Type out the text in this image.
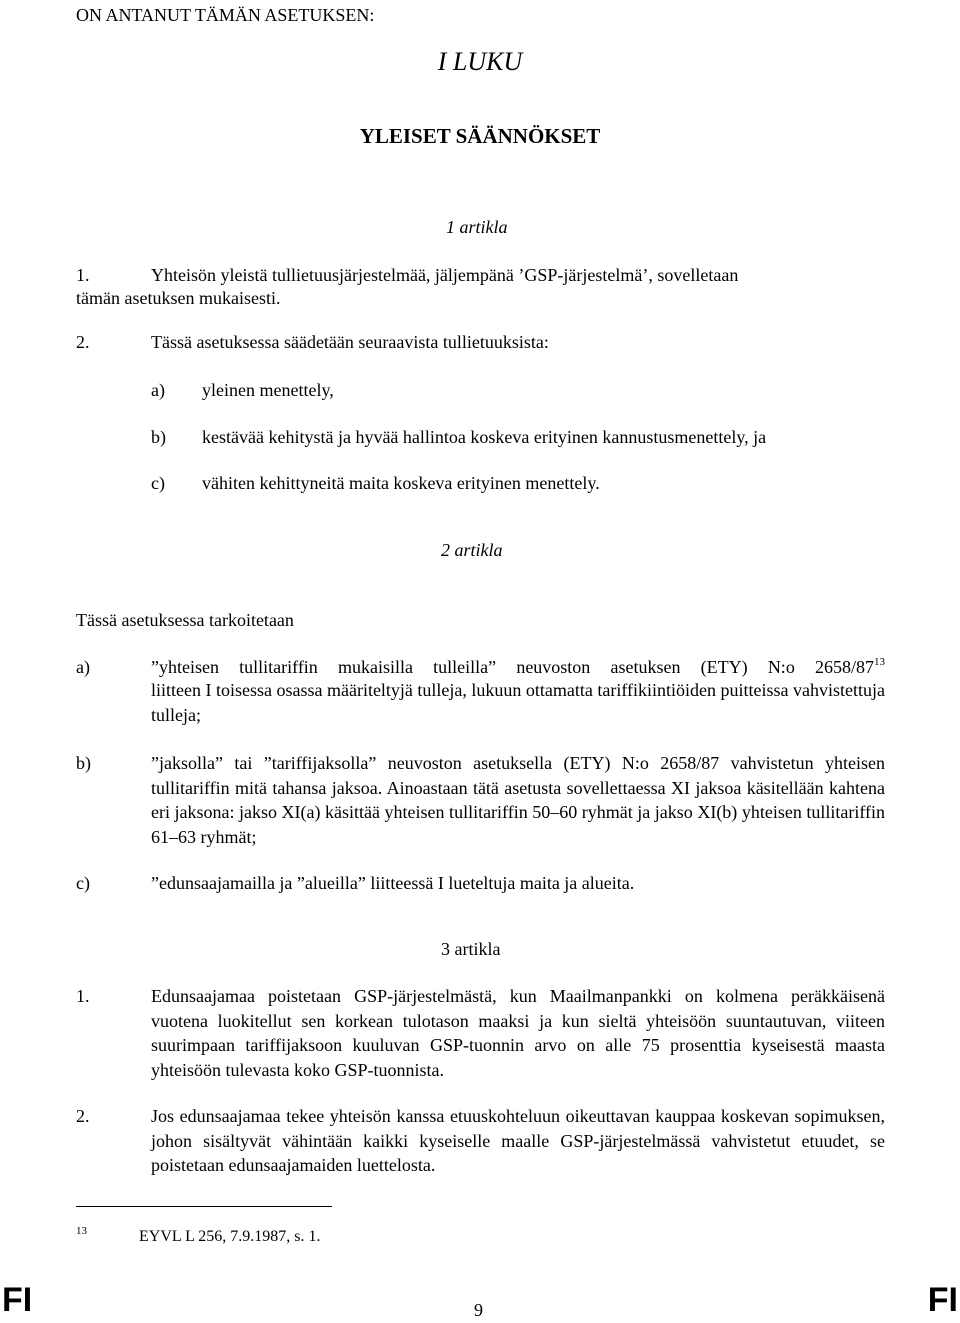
ON ANTANUT TÄMÄN ASETUKSEN:
I LUKU
YLEISET SÄÄNNÖKSET
1 artikla
1.	Yhteisön yleistä tullietuusjärjestelmää, jäljempänä ’GSP-järjestelmä’, sovelletaan
tämän asetuksen mukaisesti.
2.	Tässä asetuksessa säädetään seuraavista tullietuuksista:
a) yleinen menettely,
b) kestävää kehitystä ja hyvää hallintoa koskeva erityinen kannustusmenettely, ja
c) vähiten kehittyneitä maita koskeva erityinen menettely.
2 artikla
Tässä asetuksessa tarkoitetaan
a)	”yhteisen tullitariffin mukaisilla tulleilla” neuvoston asetuksen (ETY) N:o $2658/87^{13}$
liitteen I toisessa osassa määriteltyjä tulleja, lukuun ottamatta tariffikiintiöiden puitteissa vahvistettuja tulleja;
b)	”jaksolla” tai ”tariffijaksolla” neuvoston asetuksella (ETY) N:o 2658/87 vahvistetun yhteisen tullitariffin mitä tahansa jaksoa. Ainoastaan tätä asetusta sovellettaessa XI jaksoa käsitellään kahtena eri jaksona: jakso XI(a) käsittää yhteisen tullitariffin 50–60 ryhmät ja jakso XI(b) yhteisen tullitariffin 61–63 ryhmät;
c)	”edunsaajamailla ja ”alueilla” liitteessä I lueteltuja maita ja alueita.
3 artikla
1.	Edunsaajamaa poistetaan GSP-järjestelmästä, kun Maailmanpankki on kolmena peräkkäisenä vuotena luokitellut sen korkean tulotason maaksi ja kun sieltä yhteisöön suuntautuvan, viiteen suurimpaan tariffijaksoon kuuluvan GSP-tuonnin arvo on alle 75 prosenttia kyseisestä maasta yhteisöön tulevasta koko GSP-tuonnista.
2.	Jos edunsaajamaa tekee yhteisön kanssa etuuskohteluun oikeuttavan kauppaa koskevan sopimuksen, johon sisältyvät vähintään kaikki kyseiselle maalle GSP-järjestelmässä vahvistetut etuudet, se poistetaan edunsaajamaiden luettelosta.
13	EYVL L 256, 7.9.1987, s. 1.
FI	9	FI
